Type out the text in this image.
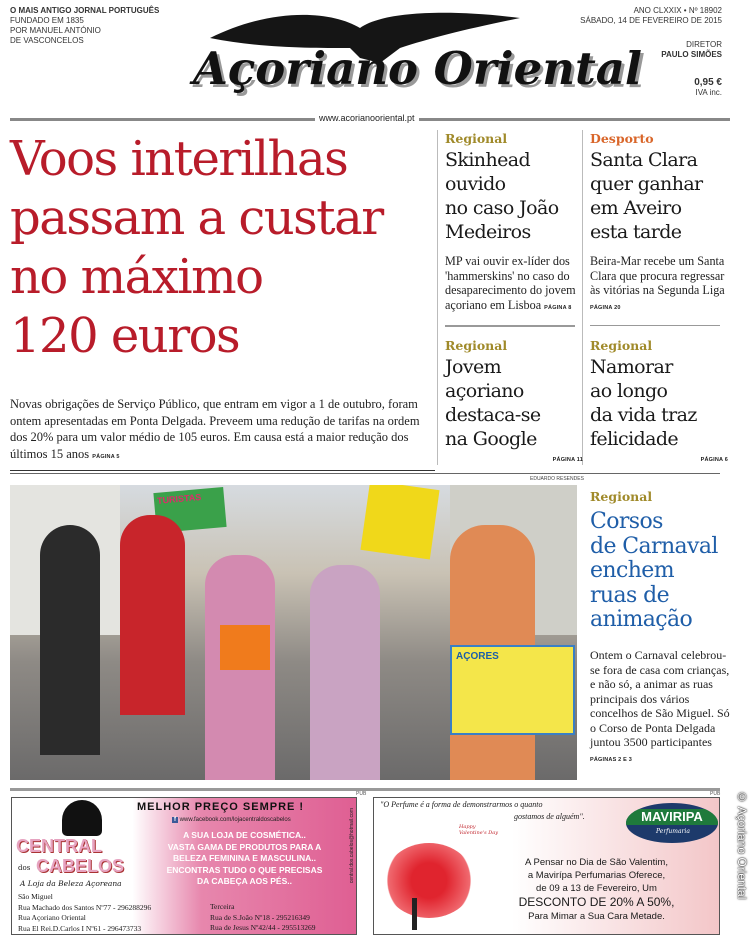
O MAIS ANTIGO JORNAL PORTUGUÊS
FUNDADO EM 1835
POR MANUEL ANTÓNIO
DE VASCONCELOS
Açoriano Oriental
ANO CLXXIX • Nº 18902
SÁBADO, 14 DE FEVEREIRO DE 2015
DIRETOR
PAULO SIMÕES
0,95 €
IVA inc.
www.acorianooriental.pt
Voos interilhas
passam a custar
no máximo
120 euros
Novas obrigações de Serviço Público, que entram em vigor a 1 de outubro, foram ontem apresentadas em Ponta Delgada. Preveem uma redução de tarifas na ordem dos 20% para um valor médio de 105 euros. Em causa está a maior redução dos últimos 15 anos PÁGINA 5
Regional
Skinhead
ouvido
no caso João
Medeiros
MP vai ouvir ex-líder dos 'hammerskins' no caso do desaparecimento do jovem açoriano em Lisboa PÁGINA 8
Desporto
Santa Clara
quer ganhar
em Aveiro
esta tarde
Beira-Mar recebe um Santa Clara que procura regressar às vitórias na Segunda Liga PÁGINA 20
Regional
Jovem
açoriano
destaca-se
na Google
PÁGINA 11
Regional
Namorar
ao longo
da vida traz
felicidade
PÁGINA 6
EDUARDO RESENDES
TURISTAS
AÇORES
Regional
Corsos
de Carnaval
enchem
ruas de
animação
Ontem o Carnaval celebrou-se fora de casa com crianças, e não só, a animar as ruas principais dos vários concelhos de São Miguel. Só o Corso de Ponta Delgada juntou 3500 participantes PÁGINAS 2 E 3
PUB	PUB
CENTRAL
dos CABELOS
A Loja da Beleza Açoreana
MELHOR PREÇO SEMPRE !
f www.facebook.com/lojacentraldoscabelos
A SUA LOJA DE COSMÉTICA..
VASTA GAMA DE PRODUTOS PARA A
BELEZA FEMININA E MASCULINA..
ENCONTRAS TUDO O QUE PRECISAS
DA CABEÇA AOS PÉS..	central.dos.cabelos@hotmail.com
São Miguel
Rua Machado dos Santos Nº77 - 296288296
Rua Açoriano Oriental
Rua El Rei.D.Carlos I Nº61 - 296473733
Terceira
Rua de S.João Nº18 - 295216349
Rua de Jesus Nº42/44 - 295513269
"O Perfume é a forma de demonstrarmos o quanto
gostamos de alguém".
Happy Valentine's Day
MAVIRIPA
Perfumaria
A Pensar no Dia de São Valentim,
a Mavirípa Perfumarias Oferece,
de 09 a 13 de Fevereiro, Um
DESCONTO DE 20% A 50%,
Para Mimar a Sua Cara Metade.
© Açoriano Oriental
